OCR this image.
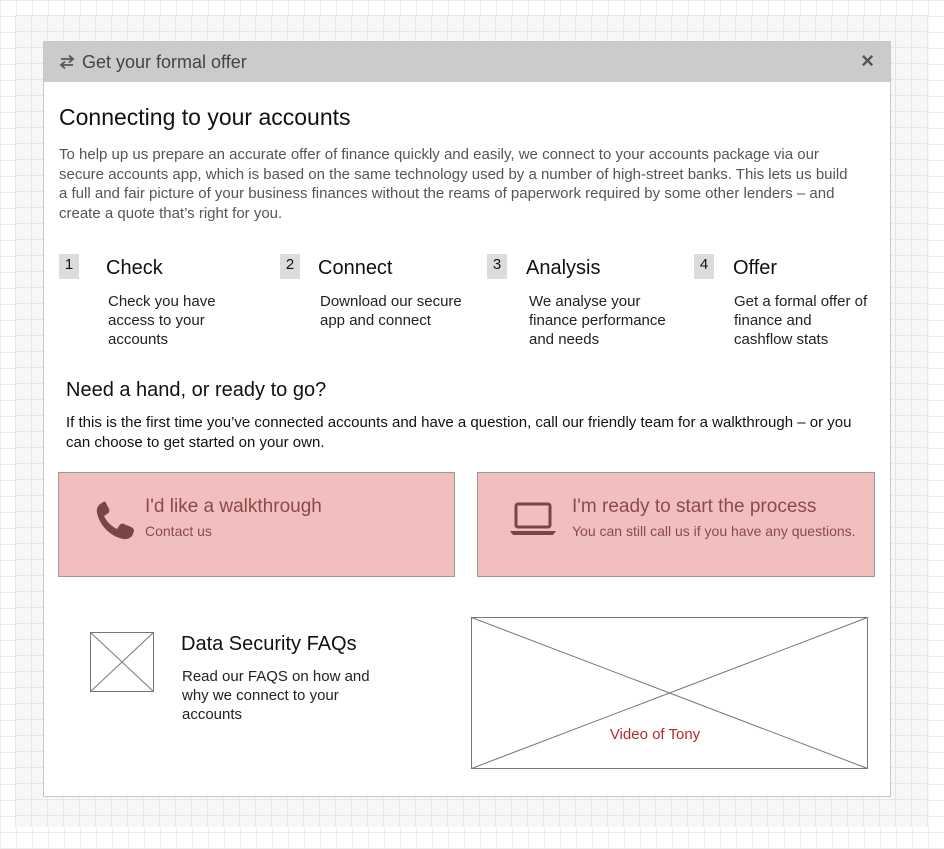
Get your formal offer	×
Connecting to your accounts

To help up us prepare an accurate offer of finance quickly and easily, we connect to your accounts package via our secure accounts app, which is based on the same technology used by a number of high-street banks. This lets us build a full and fair picture of your business finances without the reams of paperwork required by some other lenders – and create a quote that’s right for you.

1 Check

Check you have access to your accounts

2 Connect

Download our secure app and connect

3 Analysis

We analyse your finance performance and needs

4 Offer

Get a formal offer of finance and cashflow stats

Need a hand, or ready to go?

If this is the first time you’ve connected accounts and have a question, call our friendly team for a walkthrough – or you can choose to get started on your own.

I'd like a walkthrough
Contact us
I'm ready to start the process
You can still call us if you have any questions.
Data Security FAQs

Read our FAQS on how and why we connect to your accounts

Video of Tony
